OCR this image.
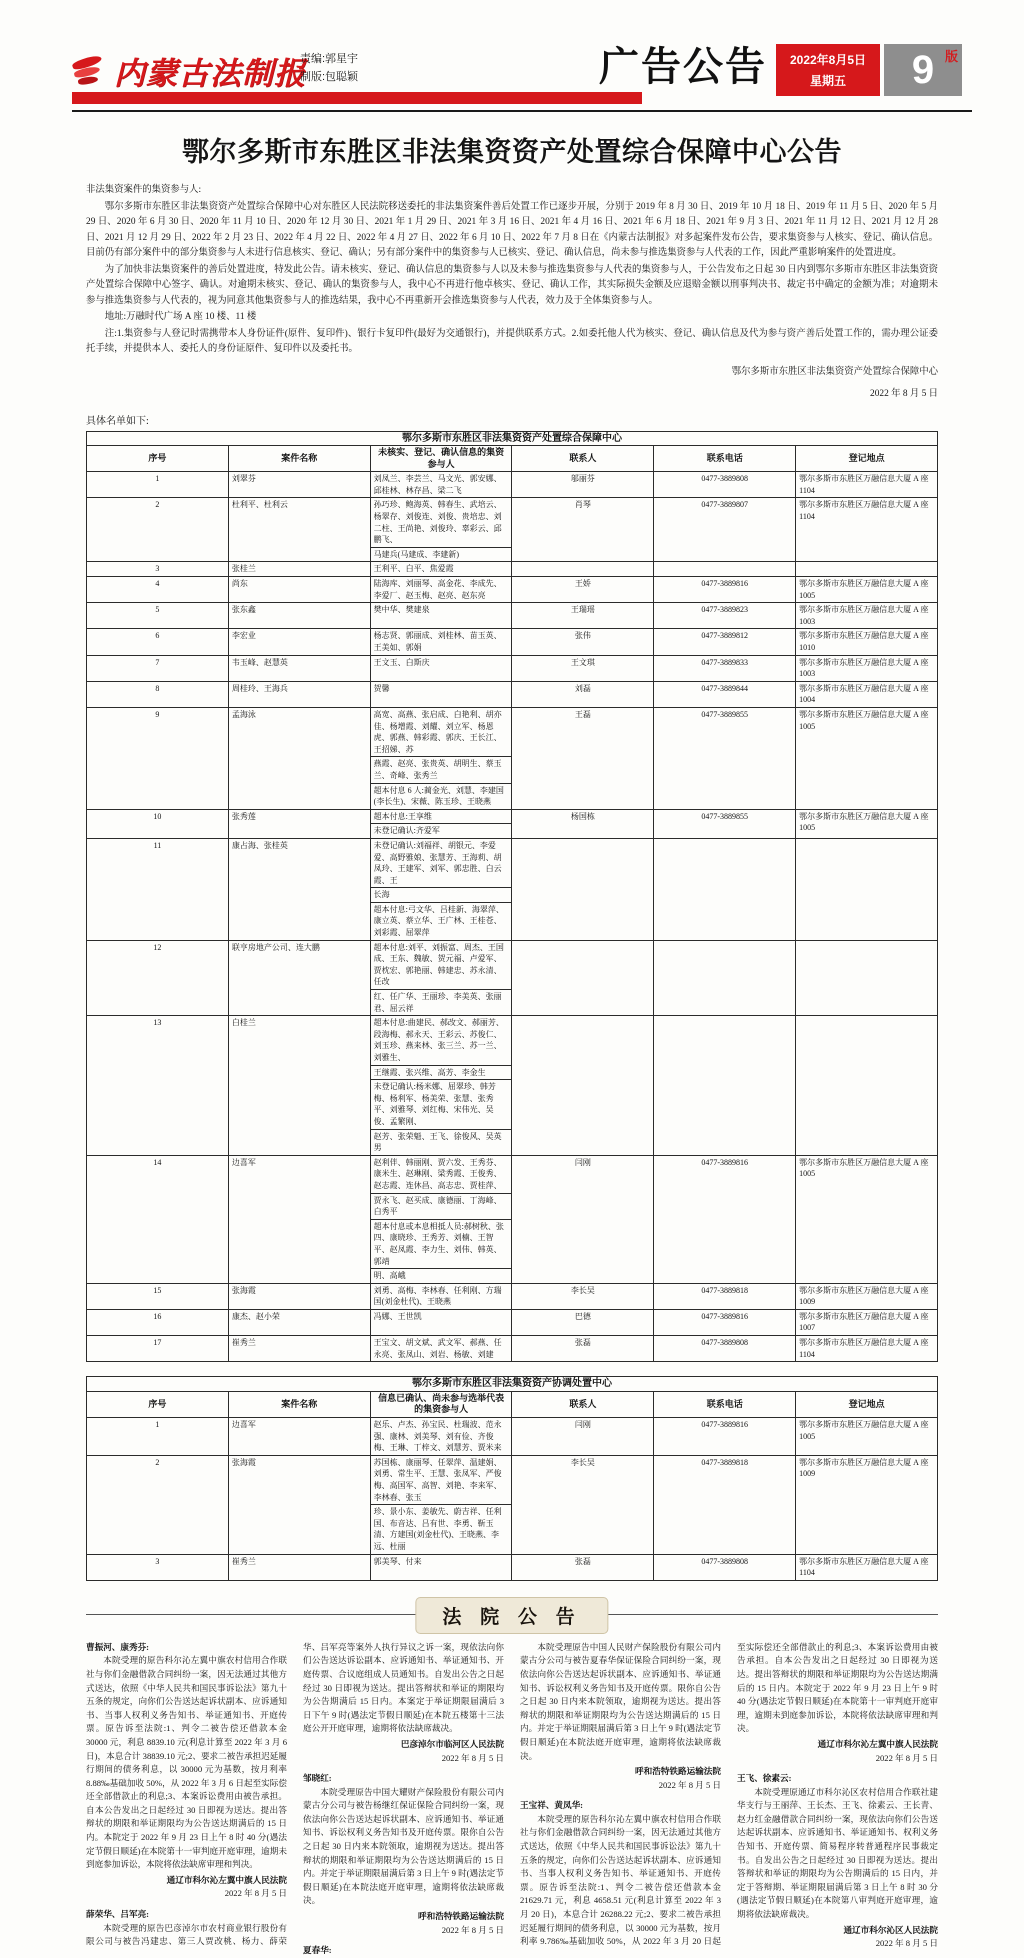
内蒙古法制报
责编:郭星宇
制版:包聪颖	广告公告 2022年8月5日
星期五 9 版
鄂尔多斯市东胜区非法集资资产处置综合保障中心公告

非法集资案件的集资参与人:

鄂尔多斯市东胜区非法集资资产处置综合保障中心对东胜区人民法院移送委托的非法集资案件善后处置工作已逐步开展，分别于 2019 年 8 月 30 日、2019 年 10 月 18 日、2019 年 11 月 5 日、2020 年 5 月 29 日、2020 年 6 月 30 日、2020 年 11 月 10 日、2020 年 12 月 30 日、2021 年 1 月 29 日、2021 年 3 月 16 日、2021 年 4 月 16 日、2021 年 6 月 18 日、2021 年 9 月 3 日、2021 年 11 月 12 日、2021 月 12 月 28 日、2021 月 12 月 29 日、2022 年 2 月 23 日、2022 年 4 月 22 日、2022 年 4 月 27 日、2022 年 6 月 10 日、2022 年 7 月 8 日在《内蒙古法制报》对多起案件发布公告，要求集资参与人核实、登记、确认信息。目前仍有部分案件中的部分集资参与人未进行信息核实、登记、确认；另有部分案件中的集资参与人已核实、登记、确认信息，尚未参与推选集资参与人代表的工作，因此严重影响案件的处置进度。

为了加快非法集资案件的善后处置进度，特发此公告。请未核实、登记、确认信息的集资参与人以及未参与推选集资参与人代表的集资参与人，于公告发布之日起 30 日内到鄂尔多斯市东胜区非法集资资产处置综合保障中心签字、确认。对逾期未核实、登记、确认的集资参与人，我中心不再进行他卓核实、登记、确认工作，其实际损失金额及应退赔金额以刑事判决书、裁定书中确定的金额为准；对逾期未参与推选集资参与人代表的，视为同意其他集资参与人的推选结果，我中心不再重新开会推选集资参与人代表，效力及于全体集资参与人。

地址:万融时代广场 A 座 10 楼、11 楼

注:1.集资参与人登记时需携带本人身份证件(原件、复印件)、银行卡复印件(最好为交通银行)，并提供联系方式。2.如委托他人代为核实、登记、确认信息及代为参与资产善后处置工作的，需办理公证委托手续，并提供本人、委托人的身份证原件、复印件以及委托书。

鄂尔多斯市东胜区非法集资资产处置综合保障中心
2022 年 8 月 5 日
具体名单如下:
鄂尔多斯市东胜区非法集资资产处置综合保障中心					
序号	案件名称	未核实、登记、确认信息的集资参与人	联系人	联系电话	登记地点
1	刘翠芬	刘凤兰、李芸兰、马文光、郭安娜、邱桂林、林存昌、梁二飞	邬丽芬	0477-3889808	鄂尔多斯市东胜区万融信息大厦 A 座 1104
2	杜利平、杜利云	孙巧珍、鲍海英、韩春生、武培云、杨翠存、刘俊连、刘俊、贵培忠、刘二柱、王尚艳、刘俊玲、辜彩云、邱鹏飞、	肖琴	0477-3889807	鄂尔多斯市东胜区万融信息大厦 A 座 1104
		马建兵(马建成、李建新)			
3	张桂兰	王利平、白平、焦爱霞			
4	尚东	陆海库、刘丽琴、高金花、李成先、李爱厂、赵玉梅、赵亮、赵东亮	王娇	0477-3889816	鄂尔多斯市东胜区万融信息大厦 A 座 1005
5	张东鑫	樊中华、樊建泉	王瑞瑶	0477-3889823	鄂尔多斯市东胜区万融信息大厦 A 座 1003
6	李宏业	杨志贤、郭丽成、刘桂林、苗玉英、王美如、郭娟	张伟	0477-3889812	鄂尔多斯市东胜区万融信息大厦 A 座 1010
7	韦玉峰、赵慧英	王文玉、白斯庆	王文琪	0477-3889833	鄂尔多斯市东胜区万融信息大厦 A 座 1003
8	周桂玲、王海兵	贺馨	刘磊	0477-3889844	鄂尔多斯市东胜区万融信息大厦 A 座 1004
9	孟海泳	高宽、高燕、张启成、白艳利、胡亦佳、杨增霞、刘耀、刘立军、杨恩虎、郭燕、韩彩霞、郭庆、王长江、王招娣、苏	王磊	0477-3889855	鄂尔多斯市东胜区万融信息大厦 A 座 1005
		燕霞、赵亮、张贵英、胡明生、蔡玉兰、奇峰、张秀兰			
		超本付息 6 人:蔺金光、刘慧、李建国(李长生)、宋薇、陈玉珍、王晓燕			
10	张秀莲	超本付息:王享维	杨国栋	0477-3889855	鄂尔多斯市东胜区万融信息大厦 A 座 1005
		未登记确认:齐爱军			
11	康占海、张桂英	未登记确认:刘福祥、胡银元、李爱爱、高野雅娘、张慧芳、王海莉、胡凤玲、王建军、刘军、郭忠胜、白云霞、王			
		长海			
		超本付息:弓文华、吕桂新、海翠萍、康立英、蔡立华、王广林、王桂苍、刘彩霞、屈翠萍			
12	联亨房地产公司、连大鹏	超本付息:刘平、刘振富、周杰、王国成、王东、魏敏、贺元福、卢爱军、贾枕宏、郭艳丽、韩建忠、苏永清、任改			
		红、任广华、王丽珍、李美英、张丽君、屈云祥			
13	白桂兰	超本付息:曲建民、郝改文、郝丽芳、段海梅、郝永天、王彩云、苏俊仁、刘玉珍、燕来林、张三兰、苏一兰、刘雅生、			
		王继霞、张兴维、高芳、李金生			
		未登记确认:杨米娜、屈翠珍、韩芳梅、杨利军、杨美荣、张慧、张秀平、刘雅琴、刘红梅、宋伟光、吴俊、孟繁刚、			
		赵芳、张荣魁、王飞、徐俊风、吴英男			
14	边喜军	赵利伴、韩丽刚、贾六发、王秀芬、康米生、赵琳刚、梁秀霞、王俊秀、赵志霞、连休昌、高志忠、贾桂萍、	闫刚	0477-3889816	鄂尔多斯市东胜区万融信息大厦 A 座 1005
		贾永飞、赵买成、康德丽、丁海峰、白秀平			
		超本付息或本息相抵人员:郝树秋、张四、康晓珍、王秀芳、刘楠、王智平、赵凤霞、李力生、刘伟、韩英、郭靖			
		明、高峨			
15	张海霞	刘勇、高梅、李林春、任利刚、方瑞国(刘金杜代)、王晓燕	李长吴	0477-3889818	鄂尔多斯市东胜区万融信息大厦 A 座 1009
16	康杰、赵小荣	冯娜、王世凯	巴德	0477-3889816	鄂尔多斯市东胜区万融信息大厦 A 座 1007
17	崔秀兰	王宝文、胡文斌、武文军、郝燕、任永亮、张凤山、刘岩、杨敏、刘建	张磊	0477-3889808	鄂尔多斯市东胜区万融信息大厦 A 座 1104
鄂尔多斯市东胜区非法集资资产协调处置中心					
序号	案件名称	信息已确认、尚未参与选举代表的集资参与人	联系人	联系电话	登记地点
1	边喜军	赵乐、卢杰、孙宝民、杜瑞波、范永强、康林、刘美琴、刘有俭、齐俊梅、王琳、丁梓文、刘慧芳、贾米来	闫刚	0477-3889816	鄂尔多斯市东胜区万融信息大厦 A 座 1005
2	张海霞	苏国栋、康丽琴、任翠萍、温建娟、刘勇、常生平、王慧、张凤军、严俊梅、高国军、高智、刘艳、李来军、李林春、张玉	李长吴	0477-3889818	鄂尔多斯市东胜区万融信息大厦 A 座 1009
		珍、景小东、姜敏先、蔚吉祥、任利国、布音达、吕有世、李勇、靳玉清、方建国(刘金杜代)、王晓燕、李远、杜丽			
3	崔秀兰	郭美琴、付来	张磊	0477-3889808	鄂尔多斯市东胜区万融信息大厦 A 座 1104
法 院 公 告

曹振河、康秀芬:

本院受理的原告科尔沁左翼中旗农村信用合作联社与你们金融借款合同纠纷一案，因无法通过其他方式送达，依照《中华人民共和国民事诉讼法》第九十五条的规定，向你们公告送达起诉状副本、应诉通知书、当事人权利义务告知书、举证通知书、开庭传票。原告诉至法院:1、判令二被告偿还借款本金 30000 元，利息 8839.10 元(利息计算至 2022 年 3 月 6 日)，本息合计 38839.10 元;2、要求二被告承担迟延履行期间的债务利息，以 30000 元为基数，按月利率 8.88‰基础加收 50%，从 2022 年 3 月 6 日起至实际偿还全部借款止的利息;3、本案诉讼费用由被告承担。自本公告发出之日起经过 30 日即视为送达。提出答辩状的期限和举证期限均为公告送达期满后的 15 日内。本院定于 2022 年 9 月 23 日上午 8 时 40 分(遇法定节假日顺延)在本院第十一审判庭开庭审理，逾期未到庭参加诉讼，本院将依法缺席审理和判决。

通辽市科尔沁左翼中旗人民法院

2022 年 8 月 5 日

薛荣华、吕军亮:

本院受理的原告巴彦淖尔市农村商业银行股份有限公司与被告冯建忠、第三人贾改桃、杨力、薛荣华、吕军亮等案外人执行异议之诉一案，现依法向你们公告送达诉讼副本、应诉通知书、举证通知书、开庭传票、合议庭组成人员通知书。自发出公告之日起经过 30 日即视为送达。提出答辩状和举证的期限均为公告期满后 15 日内。本案定于举证期限届满后 3 日下午 9 时(遇法定节假日顺延)在本院五楼第十三法庭公开开庭审理，逾期将依法缺席裁决。

巴彦淖尔市临河区人民法院

2022 年 8 月 5 日

邹晓红:

本院受理原告中国大耀财产保险股份有限公司内蒙古分公司与被告杨继红保证保险合同纠纷一案，现依法向你公告送达起诉状副本、应诉通知书、举证通知书、诉讼权利义务告知书及开庭传票。限你自公告之日起 30 日内来本院领取，逾期视为送达。提出答辩状的期限和举证期限均为公告送达期满后的 15 日内。并定于举证期限届满后第 3 日上午 9 时(遇法定节假日顺延)在本院法庭开庭审理，逾期将依法缺席裁决。

呼和浩特铁路运输法院

2022 年 8 月 5 日

夏春华:

本院受理原告中国人民财产保险股份有限公司内蒙古分公司与被告夏春华保证保险合同纠纷一案，现依法向你公告送达起诉状副本、应诉通知书、举证通知书、诉讼权利义务告知书及开庭传票。限你自公告之日起 30 日内来本院领取，逾期视为送达。提出答辩状的期限和举证期限均为公告送达期满后的 15 日内。并定于举证期限届满后第 3 日上午 9 时(遇法定节假日顺延)在本院法庭开庭审理，逾期将依法缺席裁决。

呼和浩特铁路运输法院

2022 年 8 月 5 日

王宝祥、黄凤华:

本院受理的原告科尔沁左翼中旗农村信用合作联社与你们金融借款合同纠纷一案，因无法通过其他方式送达，依照《中华人民共和国民事诉讼法》第九十五条的规定，向你们公告送达起诉状副本、应诉通知书、当事人权利义务告知书、举证通知书、开庭传票。原告诉至法院:1、判令二被告偿还借款本金 21629.71 元，利息 4658.51 元(利息计算至 2022 年 3 月 20 日)，本息合计 26288.22 元;2、要求二被告承担迟延履行期间的债务利息，以 30000 元为基数，按月利率 9.786‰基础加收 50%，从 2022 年 3 月 20 日起至实际偿还全部借款止的利息;3、本案诉讼费用由被告承担。自本公告发出之日起经过 30 日即视为送达。提出答辩状的期限和举证期限均为公告送达期满后的 15 日内。本院定于 2022 年 9 月 23 日上午 9 时 40 分(遇法定节假日顺延)在本院第十一审判庭开庭审理，逾期未到庭参加诉讼，本院将依法缺席审理和判决。

通辽市科尔沁左翼中旗人民法院

2022 年 8 月 5 日

王飞、徐素云:

本院受理原通辽市科尔沁区农村信用合作联社建华支行与王丽萍、王长杰、王飞、徐素云、王长青、赵力红金融借款合同纠纷一案，现依法向你们公告送达起诉状副本、应诉通知书、举证通知书、权利义务告知书、开庭传票、简易程序转普通程序民事裁定书。自发出公告之日起经过 30 日即视为送达。提出答辩状和举证的期限均为公告期满后的 15 日内，并定于答辩期、举证期限届满后第 3 日上午 8 时 30 分(遇法定节假日顺延)在本院第八审判庭开庭审理，逾期将依法缺席裁决。

通辽市科尔沁区人民法院

2022 年 8 月 5 日
